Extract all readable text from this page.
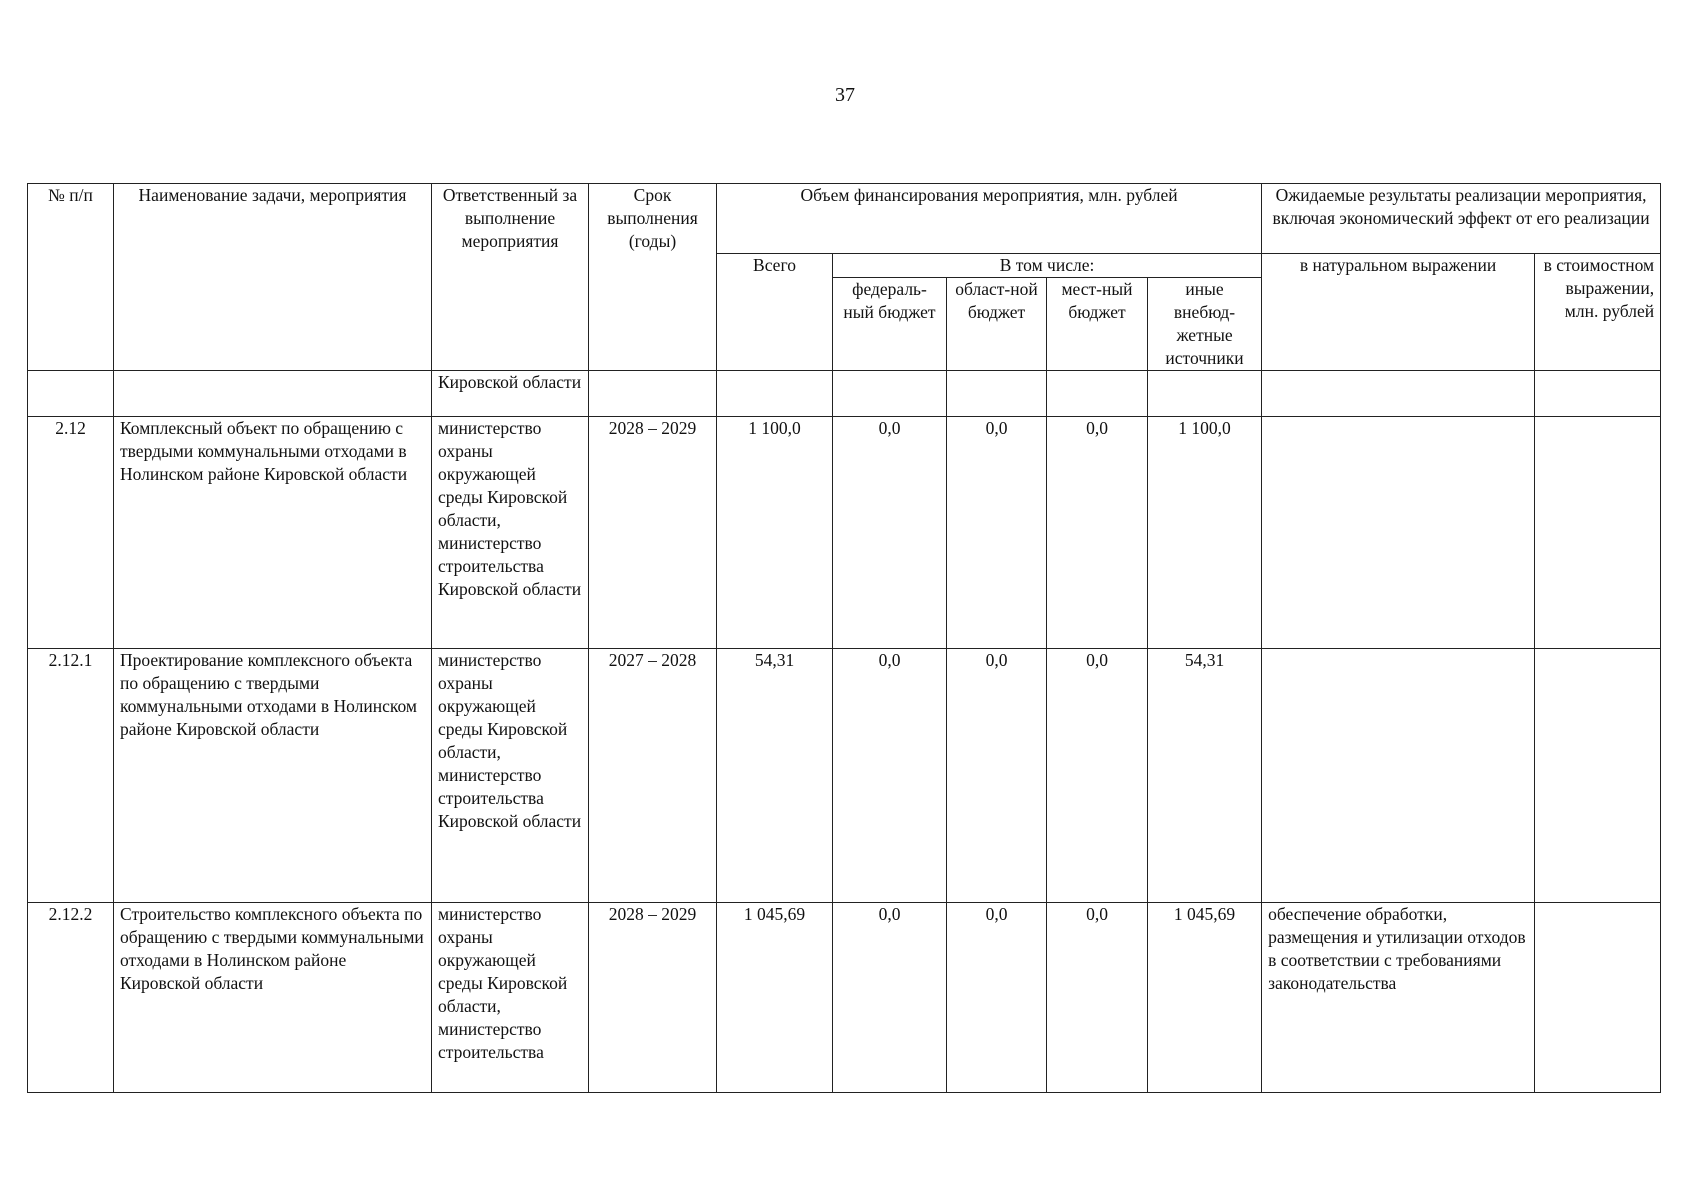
37
№ п/п	Наименование задачи, мероприятия	Ответственный за выполнение мероприятия	Срок выполнения (годы)	Объем финансирования мероприятия, млн. рублей					Ожидаемые результаты реализации мероприятия, включая экономический эффект от его реализации	
				Всего	В том числе:				в натуральном выражении	в стоимостном выражении, млн. рублей
					федераль-ный бюджет	област-ной бюджет	мест-ный бюджет	иные внебюд-жетные источники		
		Кировской области								
2.12	Комплексный объект по обращению с твердыми коммунальными отходами в Нолинском районе Кировской области	министерство охраны окружающей среды Кировской области, министерство строительства Кировской области	2028 – 2029	1 100,0	0,0	0,0	0,0	1 100,0		
2.12.1	Проектирование комплексного объекта по обращению с твердыми коммунальными отходами в Нолинском районе Кировской области	министерство охраны окружающей среды Кировской области, министерство строительства Кировской области	2027 – 2028	54,31	0,0	0,0	0,0	54,31		
2.12.2	Строительство комплексного объекта по обращению с твердыми коммунальными отходами в Нолинском районе Кировской области	министерство охраны окружающей среды Кировской области, министерство строительства	2028 – 2029	1 045,69	0,0	0,0	0,0	1 045,69	обеспечение обработки, размещения и утилизации отходов в соответствии с требованиями законодательства	
